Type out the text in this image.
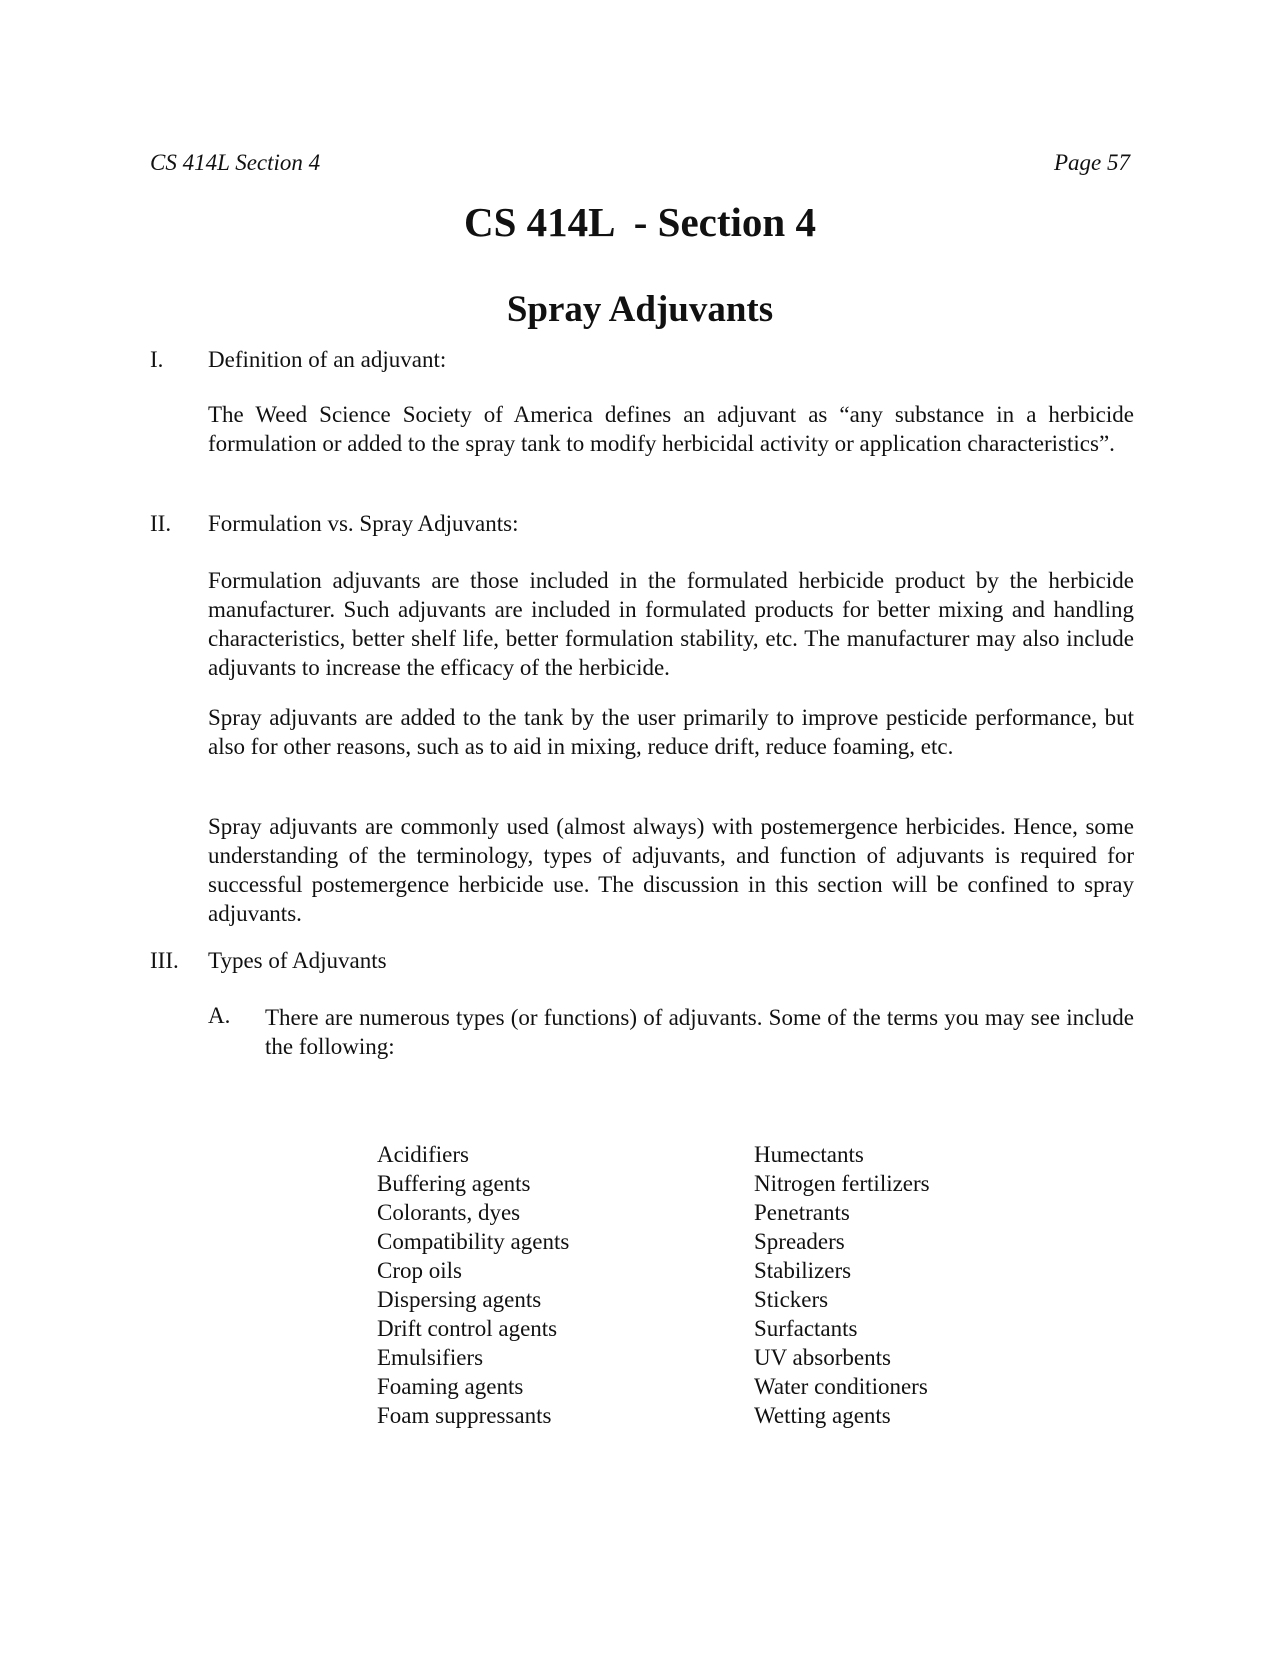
CS 414L Section 4	Page 57
CS 414L  - Section 4
Spray Adjuvants
I. Definition of an adjuvant:
The Weed Science Society of America defines an adjuvant as “any substance in a herbicide formulation or added to the spray tank to modify herbicidal activity or application characteristics”.
II. Formulation vs. Spray Adjuvants:
Formulation adjuvants are those included in the formulated herbicide product by the herbicide manufacturer. Such adjuvants are included in formulated products for better mixing and handling characteristics, better shelf life, better formulation stability, etc. The manufacturer may also include adjuvants to increase the efficacy of the herbicide.
Spray adjuvants are added to the tank by the user primarily to improve pesticide performance, but also for other reasons, such as to aid in mixing, reduce drift, reduce foaming, etc.
Spray adjuvants are commonly used (almost always) with postemergence herbicides. Hence, some understanding of the terminology, types of adjuvants, and function of adjuvants is required for successful postemergence herbicide use. The discussion in this section will be confined to spray adjuvants.
III. Types of Adjuvants
A. There are numerous types (or functions) of adjuvants. Some of the terms you may see include the following:
Acidifiers
Buffering agents
Colorants, dyes
Compatibility agents
Crop oils
Dispersing agents
Drift control agents
Emulsifiers
Foaming agents
Foam suppressants
Humectants
Nitrogen fertilizers
Penetrants
Spreaders
Stabilizers
Stickers
Surfactants
UV absorbents
Water conditioners
Wetting agents
